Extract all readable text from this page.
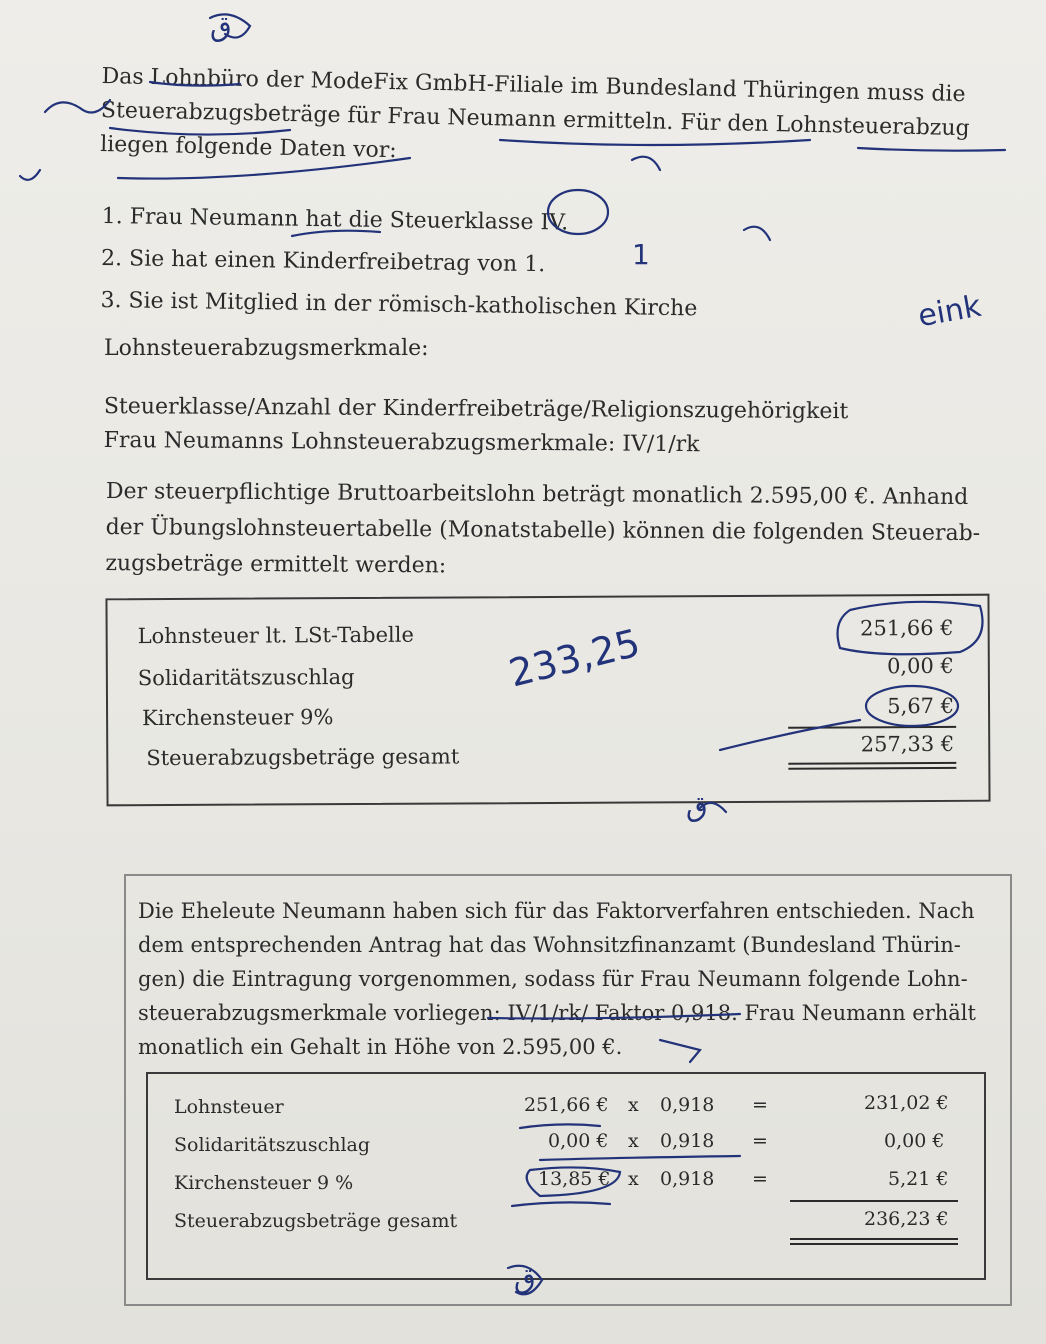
Das Lohnbüro der ModeFix GmbH-Filiale im Bundesland Thüringen muss die
Steuerabzugsbeträge für Frau Neumann ermitteln. Für den Lohnsteuerabzug
liegen folgende Daten vor:
1. Frau Neumann hat die Steuerklasse IV.
2. Sie hat einen Kinderfreibetrag von 1.
3. Sie ist Mitglied in der römisch-katholischen Kirche
Lohnsteuerabzugsmerkmale:
Steuerklasse/Anzahl der Kinderfreibeträge/Religionszugehörigkeit
Frau Neumanns Lohnsteuerabzugsmerkmale: IV/1/rk
Der steuerpflichtige Bruttoarbeitslohn beträgt monatlich 2.595,00 €. Anhand
der Übungslohnsteuertabelle (Monatstabelle) können die folgenden Steuerab-
zugsbeträge ermittelt werden:
Lohnsteuer lt. LSt-Tabelle
Solidaritätszuschlag
Kirchensteuer 9%
Steuerabzugsbeträge gesamt
251,66 €
0,00 €
5,67 €
257,33 €
Die Eheleute Neumann haben sich für das Faktorverfahren entschieden. Nach
dem entsprechenden Antrag hat das Wohnsitzfinanzamt (Bundesland Thürin-
gen) die Eintragung vorgenommen, sodass für Frau Neumann folgende Lohn-
steuerabzugsmerkmale vorliegen: IV/1/rk/ Faktor 0,918. Frau Neumann erhält
monatlich ein Gehalt in Höhe von 2.595,00 €.
Lohnsteuer
Solidaritätszuschlag
Kirchensteuer 9 %
Steuerabzugsbeträge gesamt
251,66 €
0,00 €
13,85 €
x
x
x
0,918
0,918
0,918
=
=
=
231,02 €
0,00 €
5,21 €
236,23 €
233,25
eink
1
ق
ق
ق
